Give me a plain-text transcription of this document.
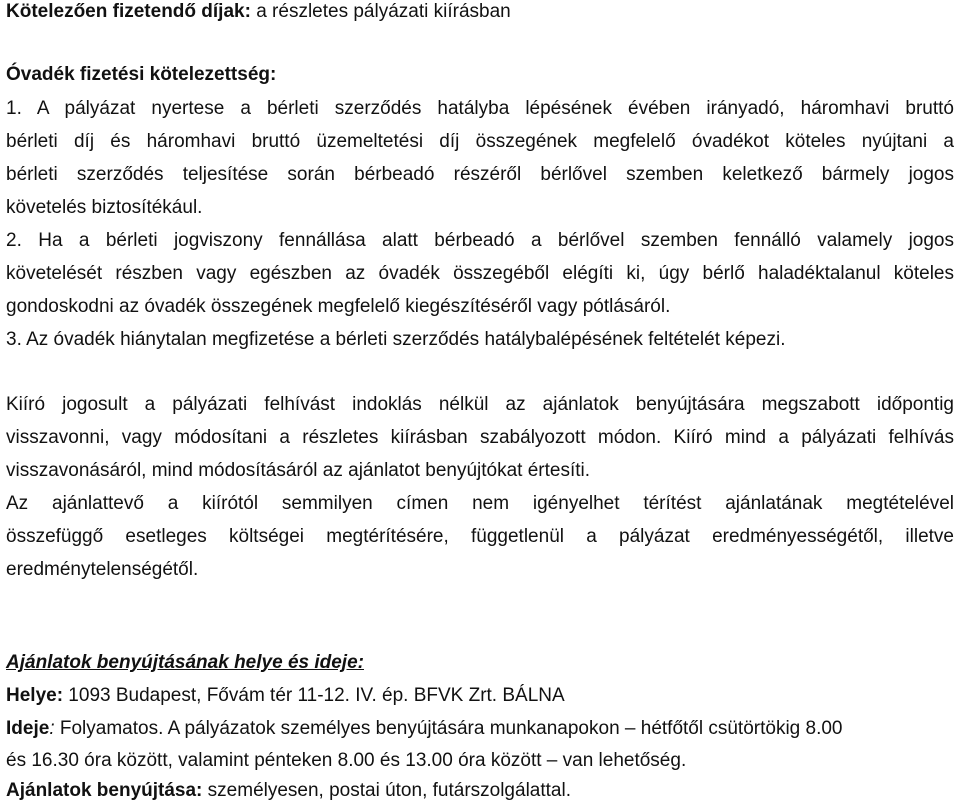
Kötelezően fizetendő díjak: a részletes pályázati kiírásban
Óvadék fizetési kötelezettség:
1. A pályázat nyertese a bérleti szerződés hatályba lépésének évében irányadó, háromhavi bruttó
bérleti díj és háromhavi bruttó üzemeltetési díj összegének megfelelő óvadékot köteles nyújtani a
bérleti szerződés teljesítése során bérbeadó részéről bérlővel szemben keletkező bármely jogos
követelés biztosítékául.
2. Ha a bérleti jogviszony fennállása alatt bérbeadó a bérlővel szemben fennálló valamely jogos
követelését részben vagy egészben az óvadék összegéből elégíti ki, úgy bérlő haladéktalanul köteles
gondoskodni az óvadék összegének megfelelő kiegészítéséről vagy pótlásáról.
3. Az óvadék hiánytalan megfizetése a bérleti szerződés hatálybalépésének feltételét képezi.
Kiíró jogosult a pályázati felhívást indoklás nélkül az ajánlatok benyújtására megszabott időpontig
visszavonni, vagy módosítani a részletes kiírásban szabályozott módon. Kiíró mind a pályázati felhívás
visszavonásáról, mind módosításáról az ajánlatot benyújtókat értesíti.
Az ajánlattevő a kiírótól semmilyen címen nem igényelhet térítést ajánlatának megtételével
összefüggő esetleges költségei megtérítésére, függetlenül a pályázat eredményességétől, illetve
eredménytelenségétől.
Ajánlatok benyújtásának helye és ideje:
Helye: 1093 Budapest, Fővám tér 11-12. IV. ép. BFVK Zrt. BÁLNA
Ideje: Folyamatos. A pályázatok személyes benyújtására munkanapokon – hétfőtől csütörtökig 8.00
és 16.30 óra között, valamint pénteken 8.00 és 13.00 óra között – van lehetőség.
Ajánlatok benyújtása: személyesen, postai úton, futárszolgálattal.
